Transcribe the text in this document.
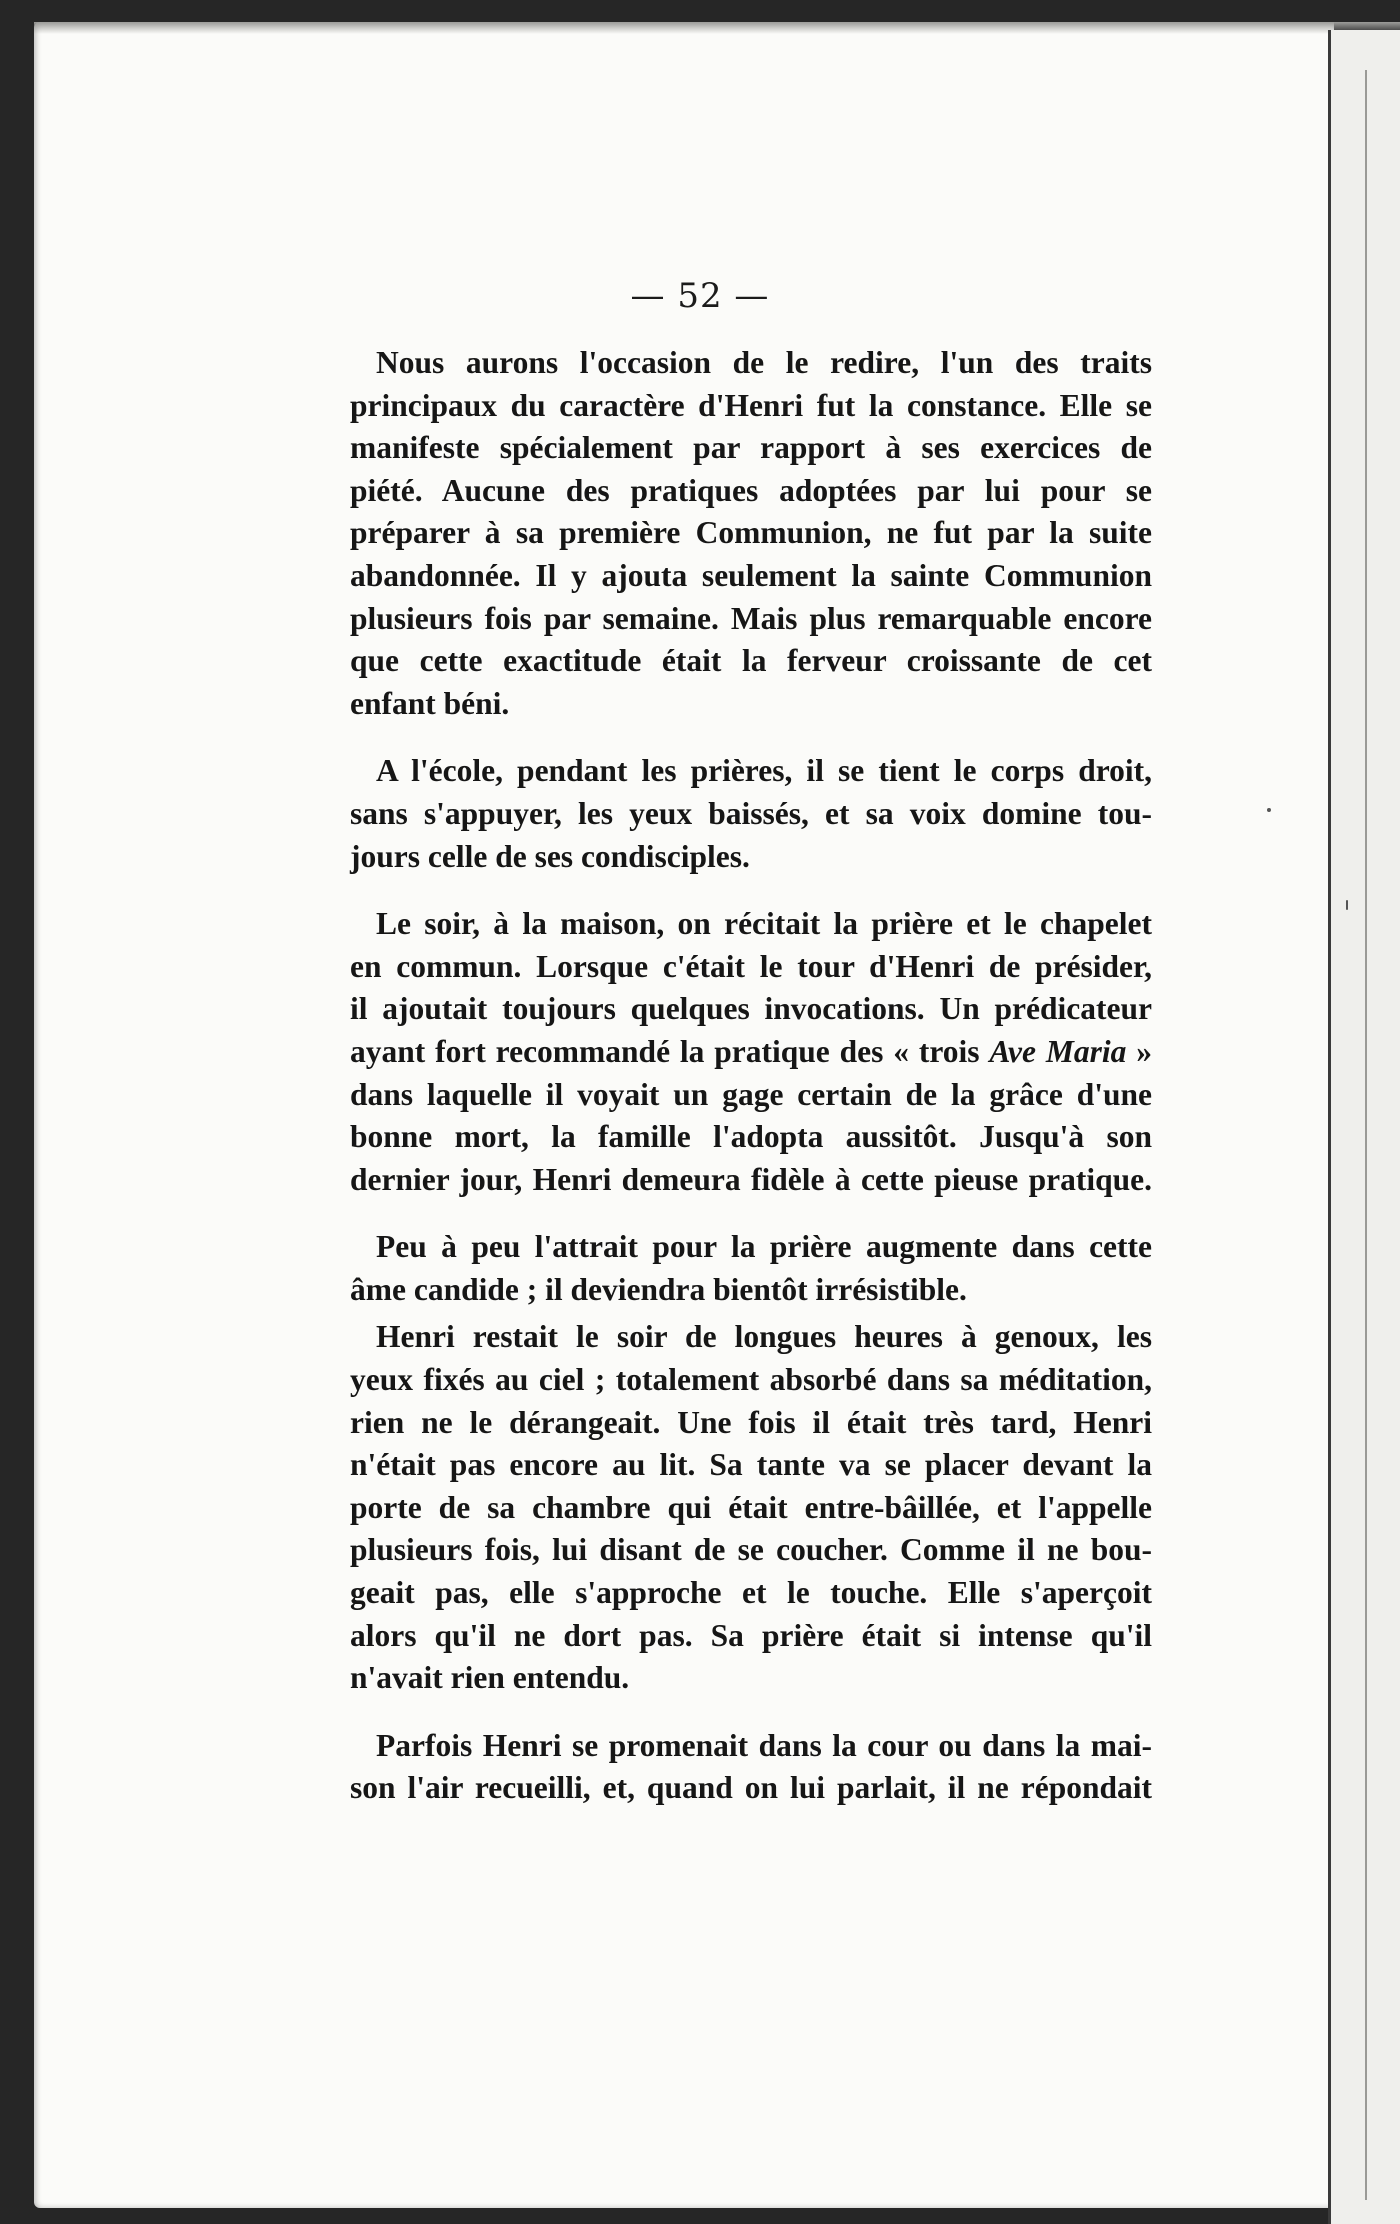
— 52 —

Nous aurons l'occasion de le redire, l'un des traits
principaux du caractère d'Henri fut la constance. Elle se
manifeste spécialement par rapport à ses exercices de
piété. Aucune des pratiques adoptées par lui pour se
préparer à sa première Communion, ne fut par la suite
abandonnée. Il y ajouta seulement la sainte Communion
plusieurs fois par semaine. Mais plus remarquable encore
que cette exactitude était la ferveur croissante de cet
enfant béni.

A l'école, pendant les prières, il se tient le corps droit,
sans s'appuyer, les yeux baissés, et sa voix domine tou-
jours celle de ses condisciples.

Le soir, à la maison, on récitait la prière et le chapelet
en commun. Lorsque c'était le tour d'Henri de présider,
il ajoutait toujours quelques invocations. Un prédicateur
ayant fort recommandé la pratique des « trois Ave Maria »
dans laquelle il voyait un gage certain de la grâce d'une
bonne mort, la famille l'adopta aussitôt. Jusqu'à son
dernier jour, Henri demeura fidèle à cette pieuse pratique.

Peu à peu l'attrait pour la prière augmente dans cette
âme candide ; il deviendra bientôt irrésistible.

Henri restait le soir de longues heures à genoux, les
yeux fixés au ciel ; totalement absorbé dans sa méditation,
rien ne le dérangeait. Une fois il était très tard, Henri
n'était pas encore au lit. Sa tante va se placer devant la
porte de sa chambre qui était entre-bâillée, et l'appelle
plusieurs fois, lui disant de se coucher. Comme il ne bou-
geait pas, elle s'approche et le touche. Elle s'aperçoit
alors qu'il ne dort pas. Sa prière était si intense qu'il
n'avait rien entendu.

Parfois Henri se promenait dans la cour ou dans la mai-
son l'air recueilli, et, quand on lui parlait, il ne répondait
